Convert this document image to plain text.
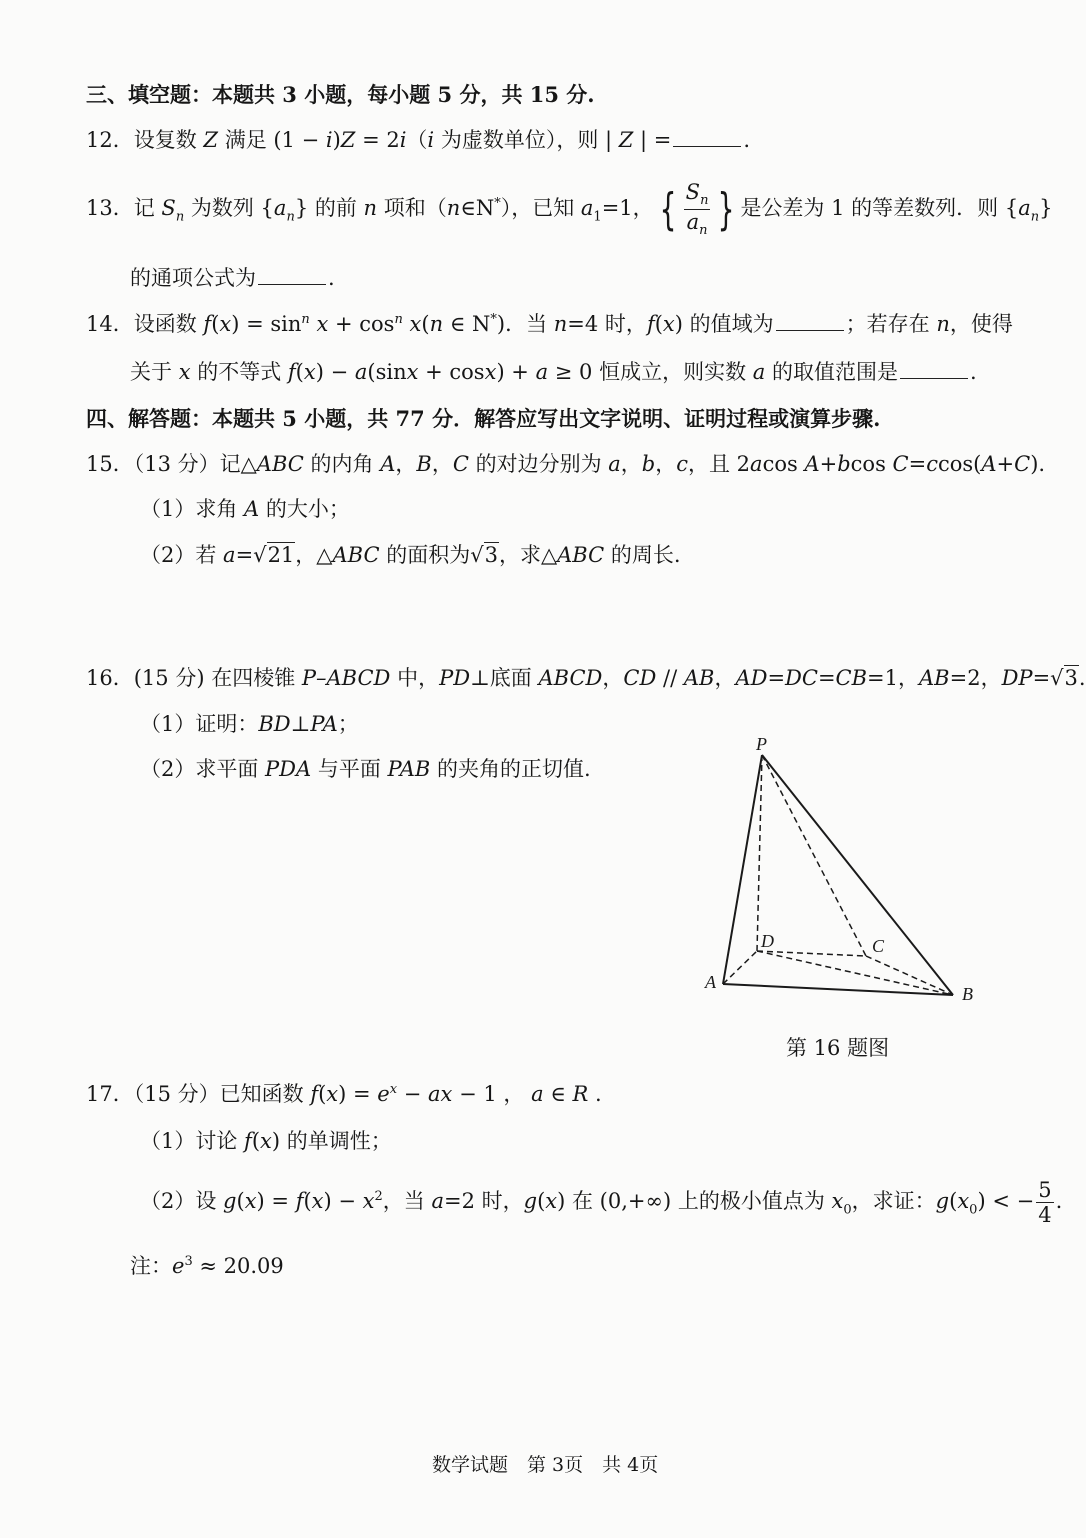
三、填空题：本题共 3 小题，每小题 5 分，共 15 分.
12．设复数 Z 满足 (1 − i)Z = 2i（i 为虚数单位），则 | Z | =	.
13．记 $S_n$ 为数列 $\{a_n\}$ 的前 n 项和（n∈N*），已知 $a_1=1$， { $\frac{S_n}{a_n}$ } 是公差为 1 的等差数列．则 $\{a_n\}$
的通项公式为	.
14．设函数 $f(x) = \sin^n x + \cos^n x(n$ ∈ N*)．当 n=4 时，f(x) 的值域为	；若存在 n，使得
关于 x 的不等式 f(x) − a(sinx + cosx) + a ≥ 0 恒成立，则实数 a 的取值范围是	.
四、解答题：本题共 5 小题，共 77 分．解答应写出文字说明、证明过程或演算步骤.
15．（13 分）记△ABC 的内角 A，B，C 的对边分别为 a，b，c，且 2acos A+bcos C=ccos(A+C).
（1）求角 A 的大小；
（2）若 a=√21，△ABC 的面积为√3，求△ABC 的周长.
16．(15 分) 在四棱锥 P–ABCD 中，PD⊥底面 ABCD，CD // AB，AD=DC=CB=1，AB=2，DP=√3.
（1）证明：BD⊥PA；
（2）求平面 PDA 与平面 PAB 的夹角的正切值.
P
A
B
C
D
第 16 题图
17．（15 分）已知函数 $f(x) = e^x$ − ax − 1 ， a ∈ R .
（1）讨论 f(x) 的单调性；
（2）设 $g(x) = f(x) - x^2$，当 a=2 时，g(x) 在 (0,+∞) 上的极小值点为 $x_0$，求证：$g(x_0)$ < − $\frac{5}{4}$ .
注：$e^3 \approx 20.09$
数学试题　第 3页　共 4页
